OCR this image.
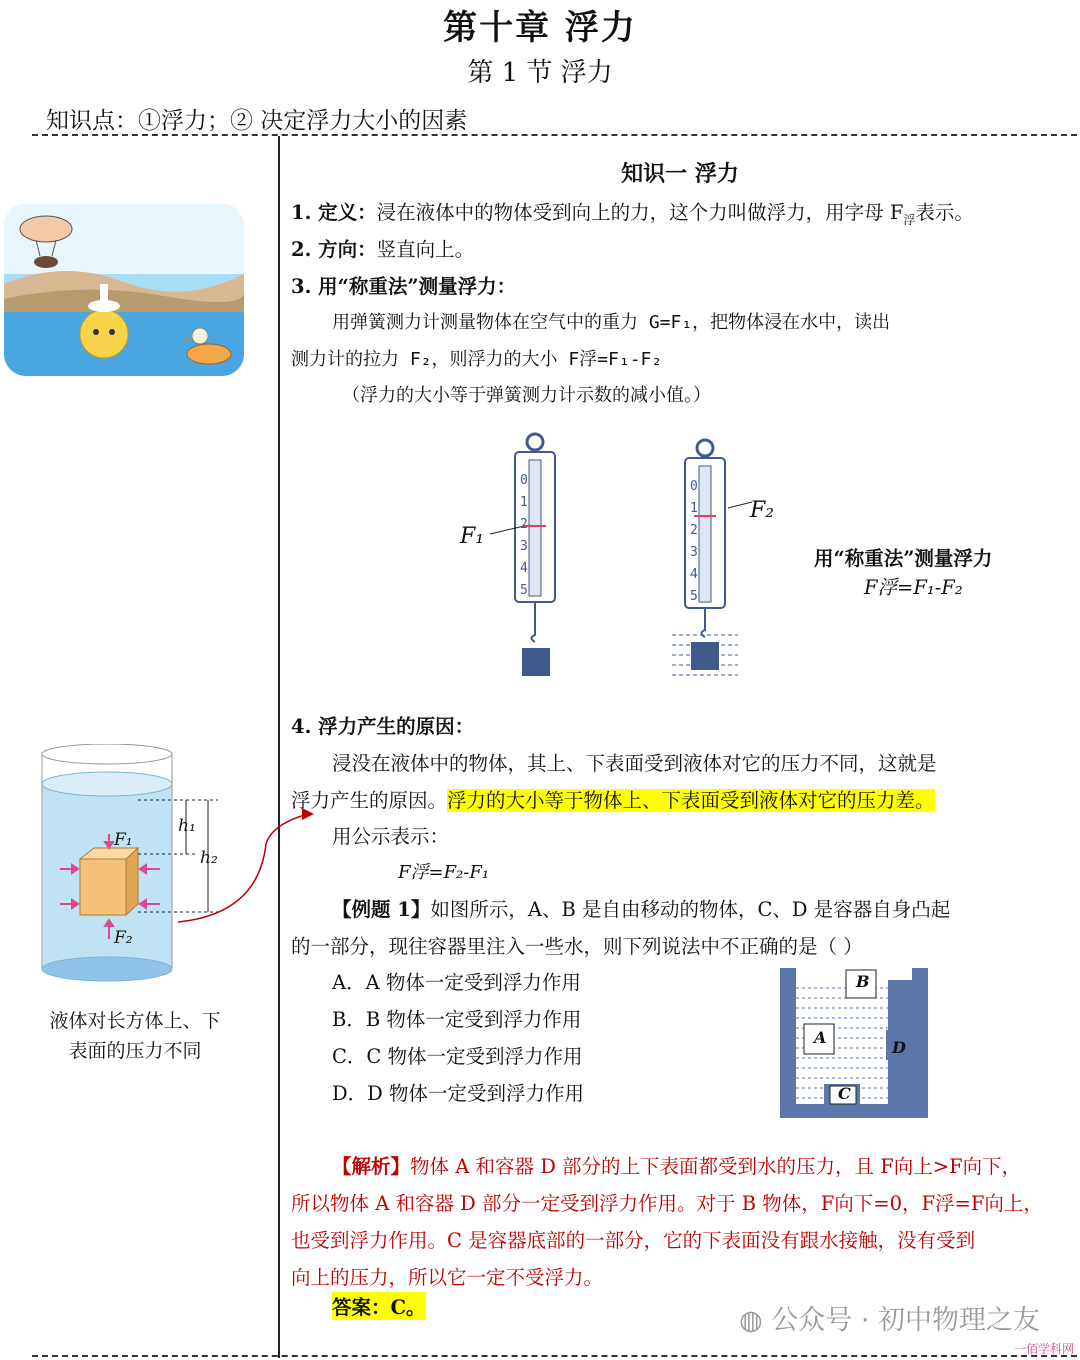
第十章 浮力
第 1 节 浮力
知识点：①浮力；② 决定浮力大小的因素
知识一 浮力
1. 定义：浸在液体中的物体受到向上的力，这个力叫做浮力，用字母 $F_浮$表示。
2. 方向：竖直向上。
3. 用“称重法”测量浮力：
用弹簧测力计测量物体在空气中的重力 G=F₁，把物体浸在水中，读出
测力计的拉力 F₂，则浮力的大小 F浮=F₁-F₂
（浮力的大小等于弹簧测力计示数的减小值。）
0
1
2
3
4
5
0
1
2
3
4
5
F₁
F₂
用“称重法”测量浮力
F浮=F₁-F₂
4. 浮力产生的原因：
浸没在液体中的物体，其上、下表面受到液体对它的压力不同，这就是
浮力产生的原因。浮力的大小等于物体上、下表面受到液体对它的压力差。
用公示表示：
F浮=F₂-F₁
h₁
h₂
F₁
F₂
液体对长方体上、下
表面的压力不同
【例题 1】如图所示，A、B 是自由移动的物体，C、D 是容器自身凸起
的一部分，现往容器里注入一些水，则下列说法中不正确的是（ ）
A．A 物体一定受到浮力作用
B．B 物体一定受到浮力作用
C．C 物体一定受到浮力作用
D．D 物体一定受到浮力作用
B
A
C
D
【解析】物体 A 和容器 D 部分的上下表面都受到水的压力，且 F向上>F向下，
所以物体 A 和容器 D 部分一定受到浮力作用。对于 B 物体，F向下=0，F浮=F向上，
也受到浮力作用。C 是容器底部的一部分，它的下表面没有跟水接触，没有受到
向上的压力，所以它一定不受浮力。
答案：C。	◍ 公众号 · 初中物理之友
一佰学科网
